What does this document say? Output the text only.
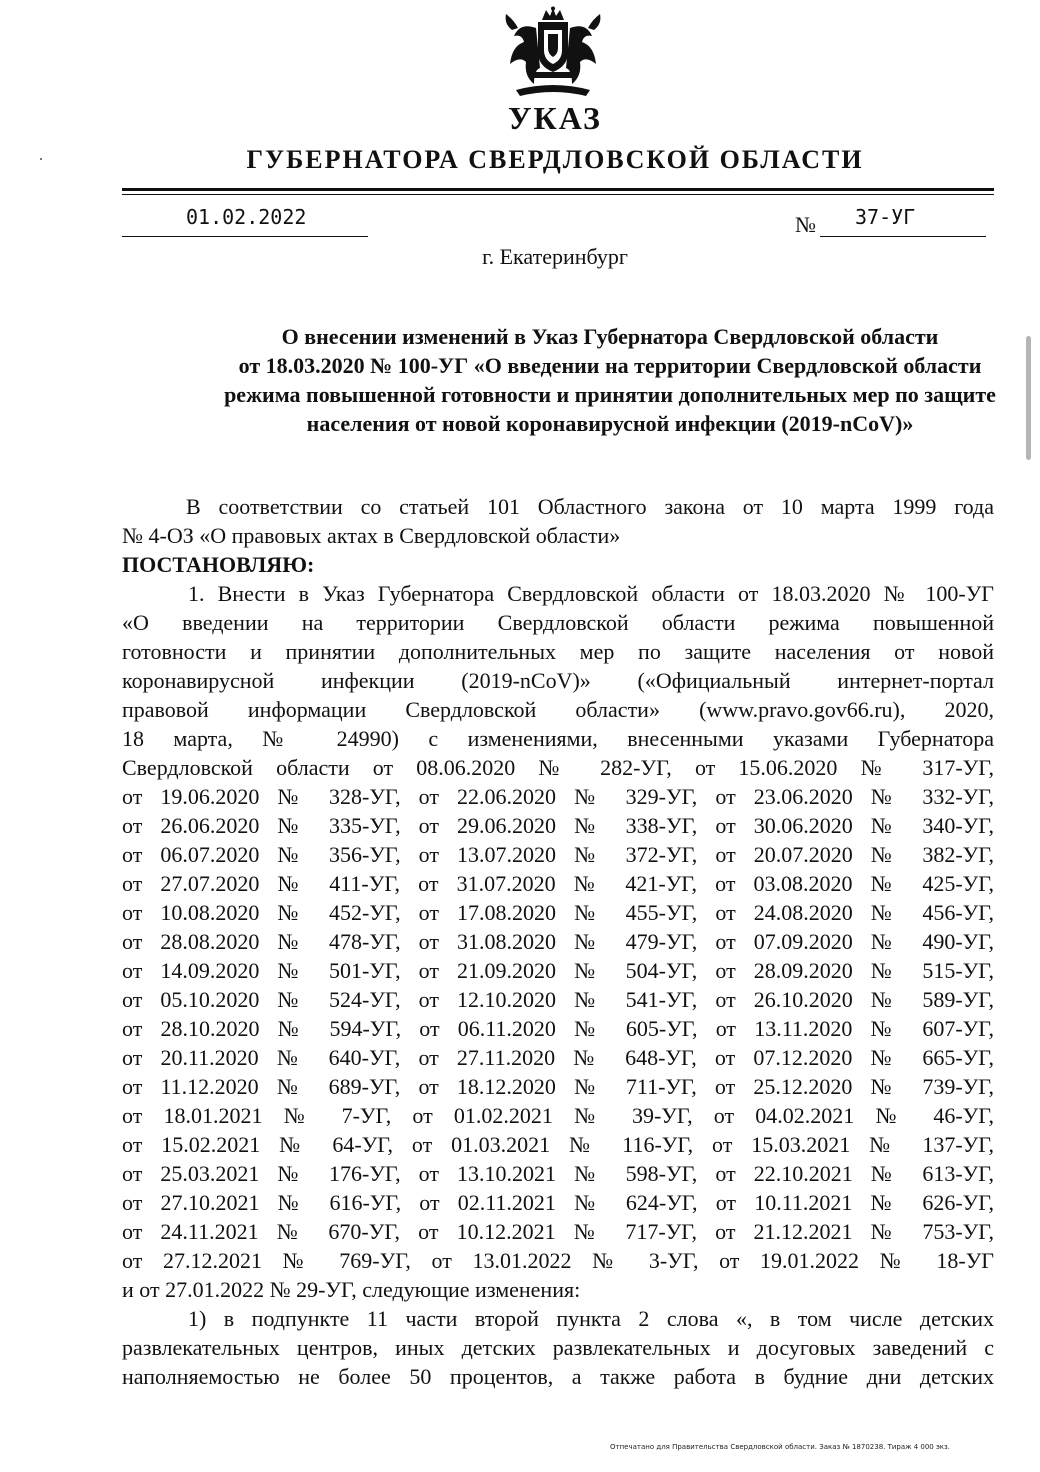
УКАЗ
ГУБЕРНАТОРА СВЕРДЛОВСКОЙ ОБЛАСТИ
01.02.2022	№ 37-УГ
г. Екатеринбург
О внесении изменений в Указ Губернатора Свердловской области
от 18.03.2020 № 100-УГ «О введении на территории Свердловской области
режима повышенной готовности и принятии дополнительных мер по защите
населения от новой коронавирусной инфекции (2019-nCoV)»
В соответствии со статьей 101 Областного закона от 10 марта 1999 года
№ 4-ОЗ «О правовых актах в Свердловской области»
ПОСТАНОВЛЯЮ:
1. Внести в Указ Губернатора Свердловской области от 18.03.2020 № 100-УГ
«О введении на территории Свердловской области режима повышенной
готовности и принятии дополнительных мер по защите населения от новой
коронавирусной инфекции (2019-nCoV)» («Официальный интернет-портал
правовой информации Свердловской области» (www.pravo.gov66.ru), 2020,
18 марта, № 24990) с изменениями, внесенными указами Губернатора
Свердловской области от 08.06.2020 № 282-УГ, от 15.06.2020 № 317-УГ,
от 19.06.2020 № 328-УГ, от 22.06.2020 № 329-УГ, от 23.06.2020 № 332-УГ,
от 26.06.2020 № 335-УГ, от 29.06.2020 № 338-УГ, от 30.06.2020 № 340-УГ,
от 06.07.2020 № 356-УГ, от 13.07.2020 № 372-УГ, от 20.07.2020 № 382-УГ,
от 27.07.2020 № 411-УГ, от 31.07.2020 № 421-УГ, от 03.08.2020 № 425-УГ,
от 10.08.2020 № 452-УГ, от 17.08.2020 № 455-УГ, от 24.08.2020 № 456-УГ,
от 28.08.2020 № 478-УГ, от 31.08.2020 № 479-УГ, от 07.09.2020 № 490-УГ,
от 14.09.2020 № 501-УГ, от 21.09.2020 № 504-УГ, от 28.09.2020 № 515-УГ,
от 05.10.2020 № 524-УГ, от 12.10.2020 № 541-УГ, от 26.10.2020 № 589-УГ,
от 28.10.2020 № 594-УГ, от 06.11.2020 № 605-УГ, от 13.11.2020 № 607-УГ,
от 20.11.2020 № 640-УГ, от 27.11.2020 № 648-УГ, от 07.12.2020 № 665-УГ,
от 11.12.2020 № 689-УГ, от 18.12.2020 № 711-УГ, от 25.12.2020 № 739-УГ,
от 18.01.2021 № 7-УГ, от 01.02.2021 № 39-УГ, от 04.02.2021 № 46-УГ,
от 15.02.2021 № 64-УГ, от 01.03.2021 № 116-УГ, от 15.03.2021 № 137-УГ,
от 25.03.2021 № 176-УГ, от 13.10.2021 № 598-УГ, от 22.10.2021 № 613-УГ,
от 27.10.2021 № 616-УГ, от 02.11.2021 № 624-УГ, от 10.11.2021 № 626-УГ,
от 24.11.2021 № 670-УГ, от 10.12.2021 № 717-УГ, от 21.12.2021 № 753-УГ,
от 27.12.2021 № 769-УГ, от 13.01.2022 № 3-УГ, от 19.01.2022 № 18-УГ
и от 27.01.2022 № 29-УГ, следующие изменения:
1) в подпункте 11 части второй пункта 2 слова «, в том числе детских
развлекательных центров, иных детских развлекательных и досуговых заведений с
наполняемостью не более 50 процентов, а также работа в будние дни детских
Отпечатано для Правительства Свердловской области. Заказ № 1870238. Тираж 4 000 экз.
